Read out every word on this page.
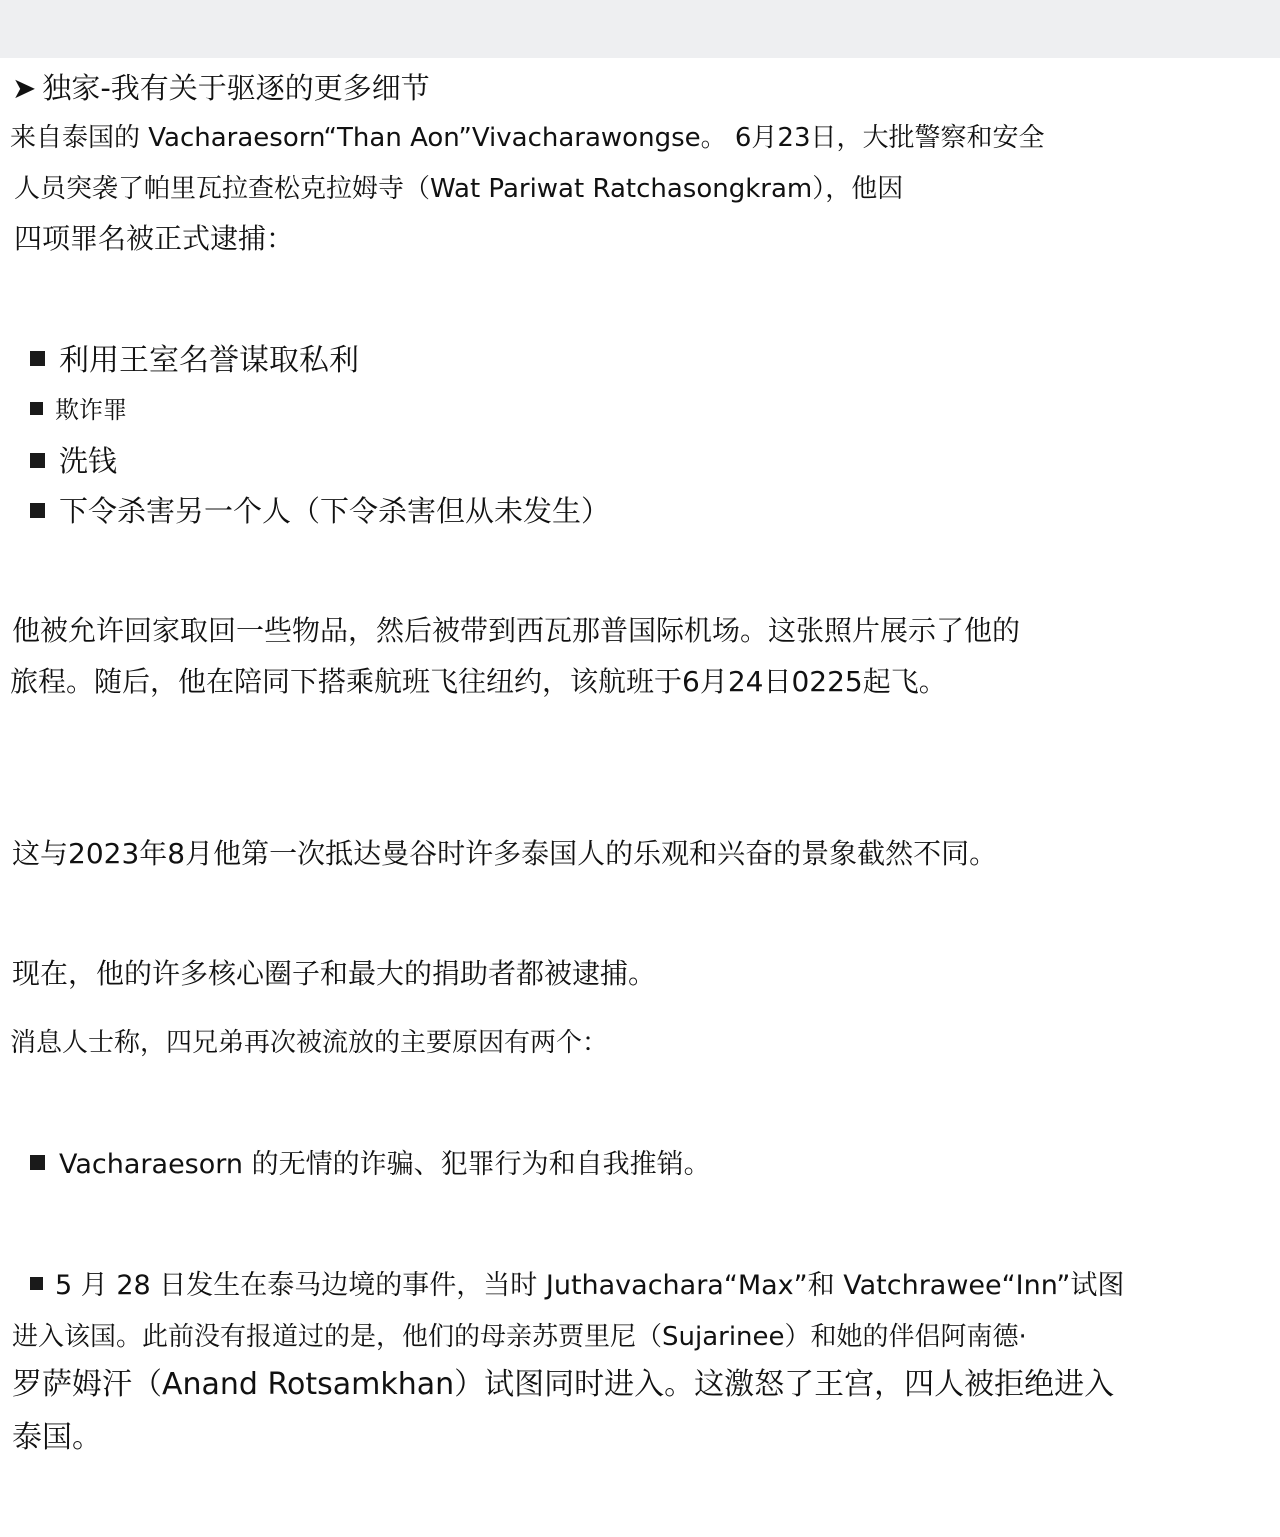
➤ 独家-我有关于驱逐的更多细节
来自泰国的 Vacharaesorn“Than Aon”Vivacharawongse。 6月23日，大批警察和安全
人员突袭了帕里瓦拉查松克拉姆寺（Wat Pariwat Ratchasongkram），他因
四项罪名被正式逮捕：
利用王室名誉谋取私利
欺诈罪
洗钱
下令杀害另一个人（下令杀害但从未发生）
他被允许回家取回一些物品，然后被带到西瓦那普国际机场。这张照片展示了他的
旅程。随后，他在陪同下搭乘航班飞往纽约，该航班于6月24日0225起飞。
这与2023年8月他第一次抵达曼谷时许多泰国人的乐观和兴奋的景象截然不同。
现在，他的许多核心圈子和最大的捐助者都被逮捕。
消息人士称，四兄弟再次被流放的主要原因有两个：
Vacharaesorn 的无情的诈骗、犯罪行为和自我推销。
5 月 28 日发生在泰马边境的事件，当时 Juthavachara“Max”和 Vatchrawee“Inn”试图
进入该国。此前没有报道过的是，他们的母亲苏贾里尼（Sujarinee）和她的伴侣阿南德·
罗萨姆汗（Anand Rotsamkhan）试图同时进入。这激怒了王宫，四人被拒绝进入
泰国。
